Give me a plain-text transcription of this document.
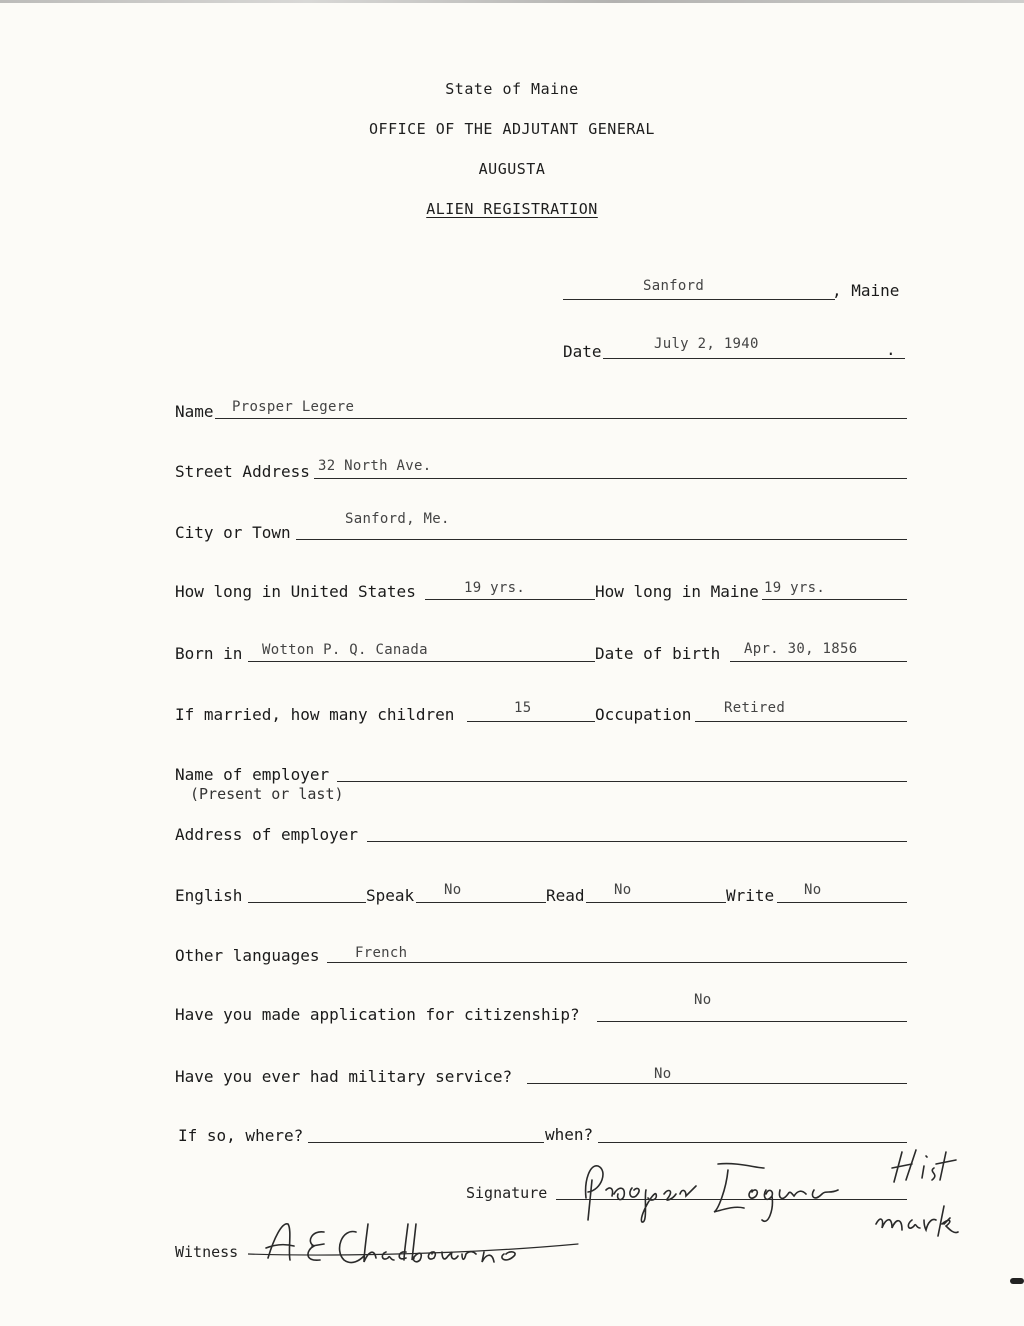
State of Maine
OFFICE OF THE ADJUTANT GENERAL
AUGUSTA
ALIEN REGISTRATION
Sanford	, Maine
Date	July 2, 1940	.
Name Prosper Legere
Street Address 32 North Ave.
City or Town
Sanford, Me.
How long in United States	19 yrs.	How long in Maine 19 yrs.
Born in Wotton P. Q. Canada	Date of birth Apr. 30, 1856
If married, how many children	15	Occupation Retired
Name of employer
(Present or last)
Address of employer
English	Speak No	Read No	Write No
Other languages	French
Have you made application for citizenship?
No
Have you ever had military service?	No
If so, where?	when?
Signature
Witness
